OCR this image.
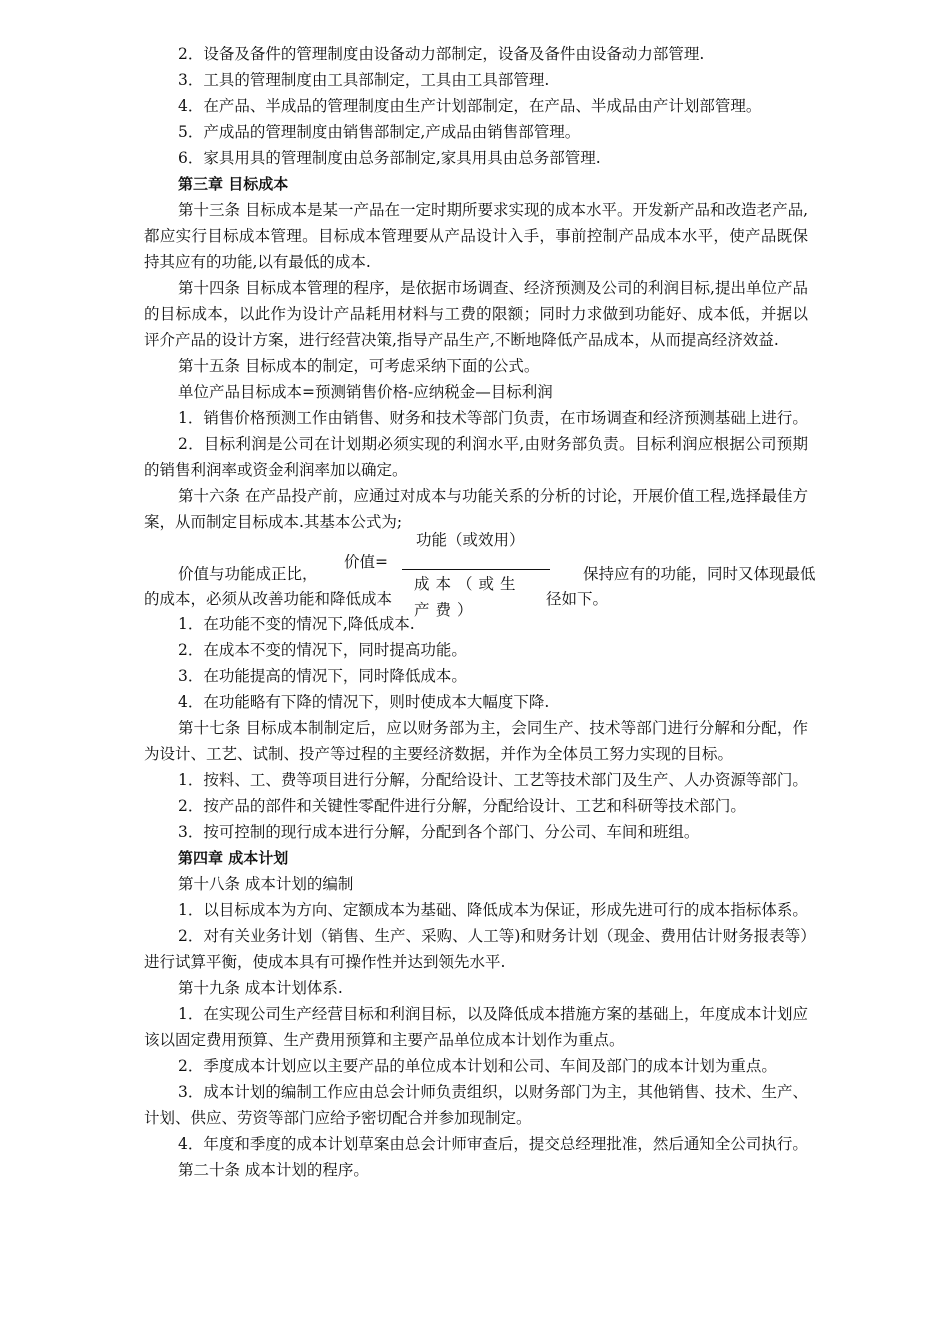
2．设备及备件的管理制度由设备动力部制定，设备及备件由设备动力部管理.

3．工具的管理制度由工具部制定，工具由工具部管理.

4．在产品、半成品的管理制度由生产计划部制定，在产品、半成品由产计划部管理。

5．产成品的管理制度由销售部制定,产成品由销售部管理。

6．家具用具的管理制度由总务部制定,家具用具由总务部管理.

第三章 目标成本

第十三条 目标成本是某一产品在一定时期所要求实现的成本水平。开发新产品和改造老产品,都应实行目标成本管理。目标成本管理要从产品设计入手，事前控制产品成本水平，使产品既保持其应有的功能,以有最低的成本.

第十四条 目标成本管理的程序，是依据市场调查、经济预测及公司的利润目标,提出单位产品的目标成本，以此作为设计产品耗用材料与工费的限额；同时力求做到功能好、成本低，并据以评介产品的设计方案，进行经营决策,指导产品生产,不断地降低产品成本，从而提高经济效益.

第十五条 目标成本的制定，可考虑采纳下面的公式。

单位产品目标成本=预测销售价格-应纳税金—目标利润

1．销售价格预测工作由销售、财务和技术等部门负责，在市场调查和经济预测基础上进行。

2．目标利润是公司在计划期必须实现的利润水平,由财务部负责。目标利润应根据公司预期的销售利润率或资金利润率加以确定。

第十六条 在产品投产前，应通过对成本与功能关系的分析的讨论，开展价值工程,选择最佳方案，从而制定目标成本.其基本公式为;

价值=
功能（或效用）
价值与功能成正比，	保持应有的功能，同时又体现最低
的成本，必须从改善功能和降低成本	径如下。
成本（或生产费）

1．在功能不变的情况下,降低成本.

2．在成本不变的情况下，同时提高功能。

3．在功能提高的情况下，同时降低成本。

4．在功能略有下降的情况下，则时使成本大幅度下降.

第十七条 目标成本制制定后，应以财务部为主，会同生产、技术等部门进行分解和分配，作为设计、工艺、试制、投产等过程的主要经济数据，并作为全体员工努力实现的目标。

1．按料、工、费等项目进行分解，分配给设计、工艺等技术部门及生产、人办资源等部门。

2．按产品的部件和关键性零配件进行分解，分配给设计、工艺和科研等技术部门。

3．按可控制的现行成本进行分解，分配到各个部门、分公司、车间和班组。

第四章 成本计划

第十八条 成本计划的编制

1．以目标成本为方向、定额成本为基础、降低成本为保证，形成先进可行的成本指标体系。

2．对有关业务计划（销售、生产、采购、人工等)和财务计划（现金、费用估计财务报表等）进行试算平衡，使成本具有可操作性并达到领先水平.

第十九条 成本计划体系.

1．在实现公司生产经营目标和利润目标，以及降低成本措施方案的基础上，年度成本计划应该以固定费用预算、生产费用预算和主要产品单位成本计划作为重点。

2．季度成本计划应以主要产品的单位成本计划和公司、车间及部门的成本计划为重点。

3．成本计划的编制工作应由总会计师负责组织，以财务部门为主，其他销售、技术、生产、计划、供应、劳资等部门应给予密切配合并参加现制定。

4．年度和季度的成本计划草案由总会计师审查后，提交总经理批准，然后通知全公司执行。

第二十条 成本计划的程序。
